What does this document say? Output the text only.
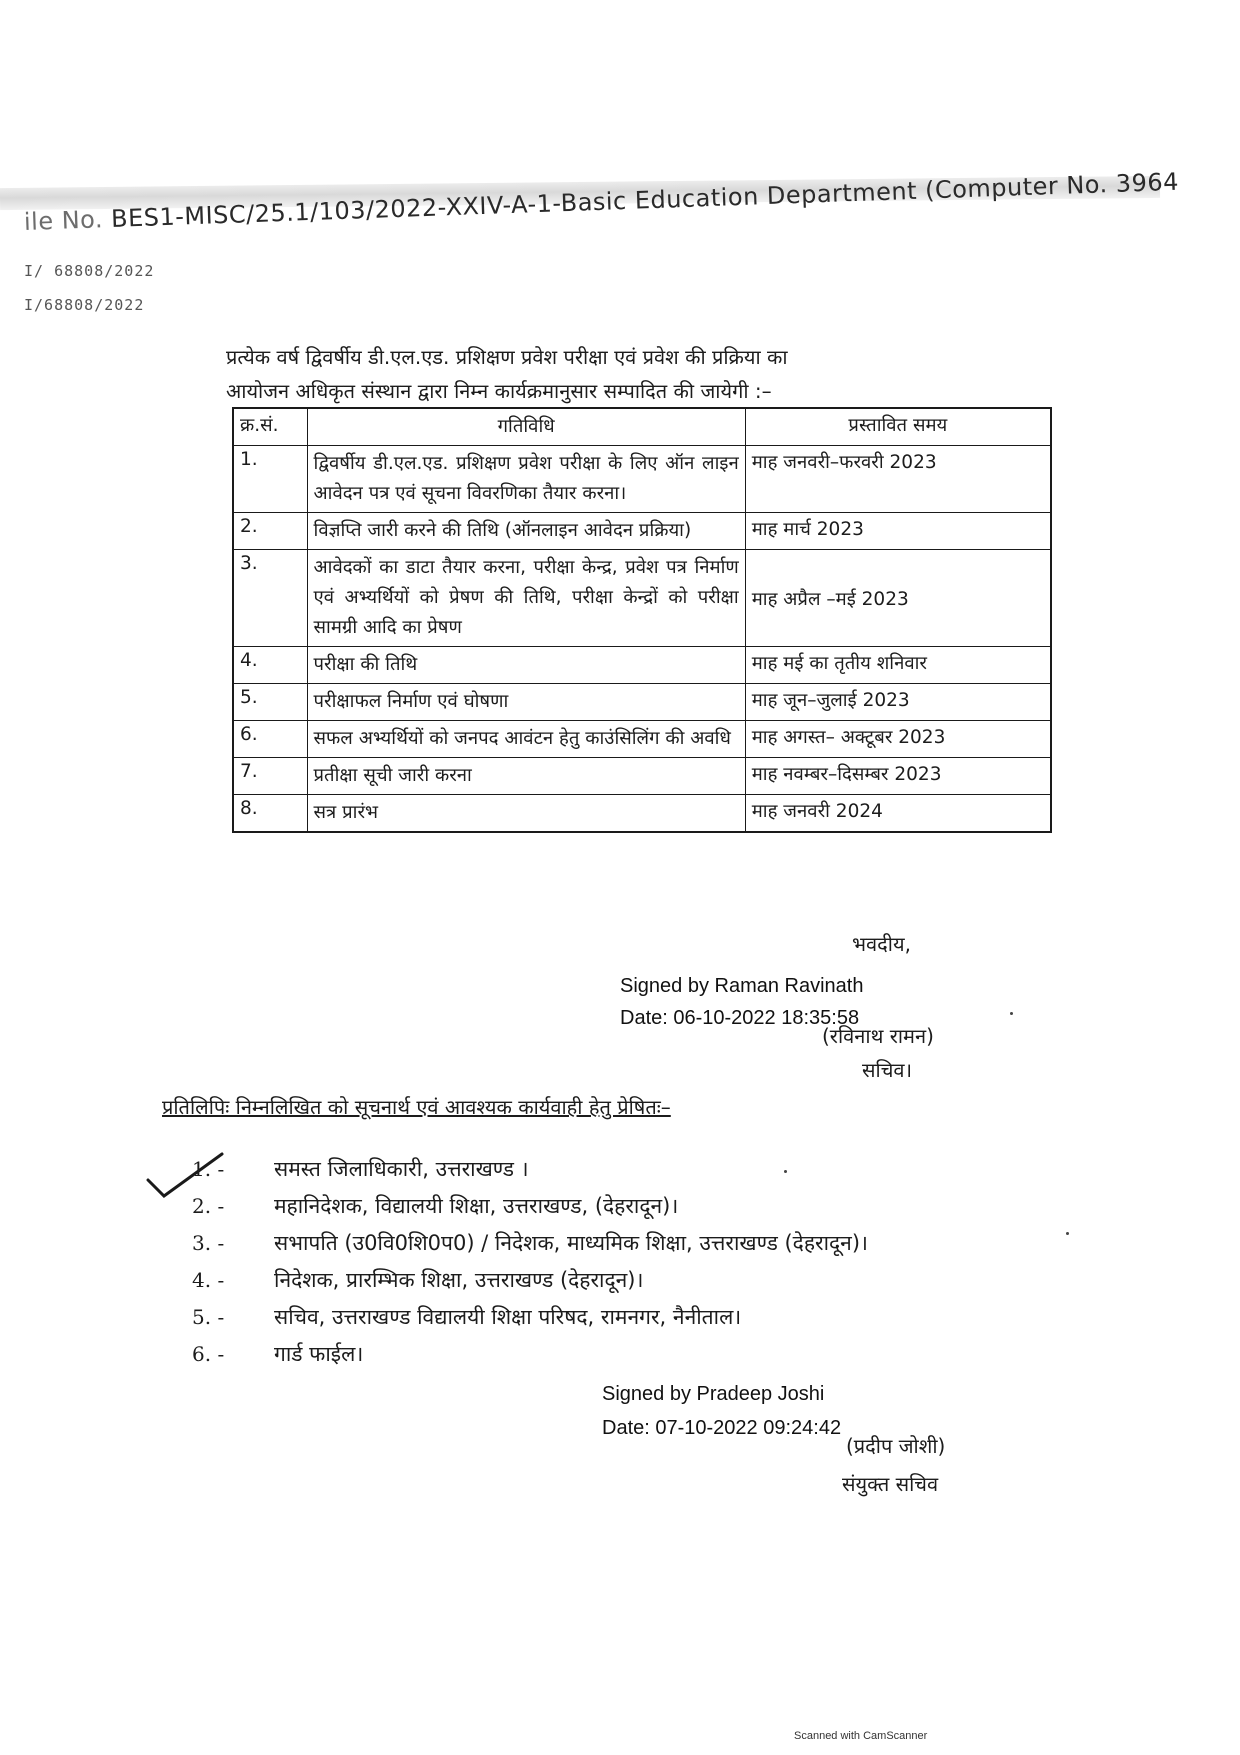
ile No. BES1-MISC/25.1/103/2022-XXIV-A-1-Basic Education Department (Computer No. 3964
I/ 68808/2022
I/68808/2022
प्रत्येक वर्ष द्विवर्षीय डी.एल.एड. प्रशिक्षण प्रवेश परीक्षा एवं प्रवेश की प्रक्रिया का
आयोजन अधिकृत संस्थान द्वारा निम्न कार्यक्रमानुसार सम्पादित की जायेगी :–
क्र.सं.	गतिविधि	प्रस्तावित समय
1.	द्विवर्षीय डी.एल.एड. प्रशिक्षण प्रवेश परीक्षा के लिए ऑन लाइन आवेदन पत्र एवं सूचना विवरणिका तैयार करना।	माह जनवरी–फरवरी 2023
2.	विज्ञप्ति जारी करने की तिथि (ऑनलाइन आवेदन प्रक्रिया)	माह मार्च 2023
3.	आवेदकों का डाटा तैयार करना, परीक्षा केन्द्र, प्रवेश पत्र निर्माण एवं अभ्यर्थियों को प्रेषण की तिथि, परीक्षा केन्द्रों को परीक्षा सामग्री आदि का प्रेषण	माह अप्रैल –मई 2023
4.	परीक्षा की तिथि	माह मई का तृतीय शनिवार
5.	परीक्षाफल निर्माण एवं घोषणा	माह जून–जुलाई 2023
6.	सफल अभ्यर्थियों को जनपद आवंटन हेतु काउंसिलिंग की अवधि	माह अगस्त– अक्टूबर 2023
7.	प्रतीक्षा सूची जारी करना	माह नवम्बर–दिसम्बर 2023
8.	सत्र प्रारंभ	माह जनवरी 2024
भवदीय,
Signed by Raman Ravinath
Date: 06-10-2022 18:35:58
(रविनाथ रामन)
सचिव।
प्रतिलिपिः निम्नलिखित को सूचनार्थ एवं आवश्यक कार्यवाही हेतु प्रेषितः–
1. -	समस्त जिलाधिकारी, उत्तराखण्ड ।
2. -	महानिदेशक, विद्यालयी शिक्षा, उत्तराखण्ड, (देहरादून)।
3. -	सभापति (उ0वि0शि0प0) / निदेशक, माध्यमिक शिक्षा, उत्तराखण्ड (देहरादून)।
4. -	निदेशक, प्रारम्भिक शिक्षा, उत्तराखण्ड (देहरादून)।
5. -	सचिव, उत्तराखण्ड विद्यालयी शिक्षा परिषद, रामनगर, नैनीताल।
6. -	गार्ड फाईल।
Signed by Pradeep Joshi
Date: 07-10-2022 09:24:42
(प्रदीप जोशी)
संयुक्त सचिव
Scanned with CamScanner
